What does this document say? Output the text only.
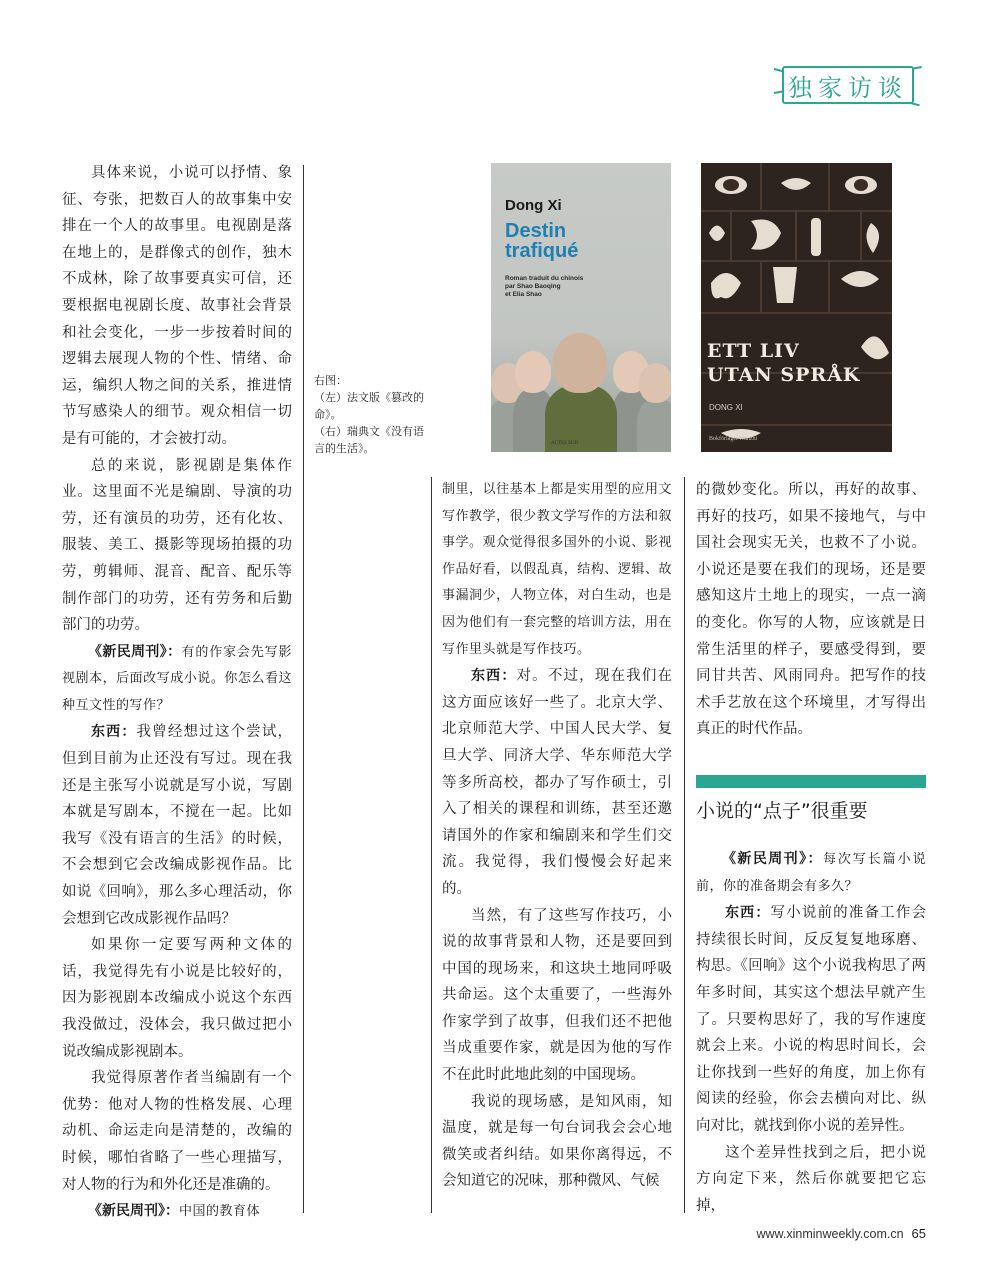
独家访谈

具体来说，小说可以抒情、象征、夸张，把数百人的故事集中安排在一个人的故事里。电视剧是落在地上的，是群像式的创作，独木不成林，除了故事要真实可信，还要根据电视剧长度、故事社会背景和社会变化，一步一步按着时间的逻辑去展现人物的个性、情绪、命运，编织人物之间的关系，推进情节写感染人的细节。观众相信一切是有可能的，才会被打动。

总的来说，影视剧是集体作业。这里面不光是编剧、导演的功劳，还有演员的功劳，还有化妆、服装、美工、摄影等现场拍摄的功劳，剪辑师、混音、配音、配乐等制作部门的功劳，还有劳务和后勤部门的功劳。

《新民周刊》：有的作家会先写影视剧本，后面改写成小说。你怎么看这种互文性的写作？

东西：我曾经想过这个尝试，但到目前为止还没有写过。现在我还是主张写小说就是写小说，写剧本就是写剧本，不搅在一起。比如我写《没有语言的生活》的时候，不会想到它会改编成影视作品。比如说《回响》，那么多心理活动，你会想到它改成影视作品吗？

如果你一定要写两种文体的话，我觉得先有小说是比较好的，因为影视剧本改编成小说这个东西我没做过，没体会，我只做过把小说改编成影视剧本。

我觉得原著作者当编剧有一个优势：他对人物的性格发展、心理动机、命运走向是清楚的，改编的时候，哪怕省略了一些心理描写，对人物的行为和外化还是准确的。

《新民周刊》：中国的教育体

右图：
（左）法文版《篡改的命》。
（右）瑞典文《没有语言的生活》。
Dong Xi
Destin
trafiqué
Roman traduit du chinois
par Shao Baoqing
et Elia Shao
ACTES SUD
ETT LIV
UTAN SPRÅK
DONG XI
Bokförlaget Wanzhi

制里，以往基本上都是实用型的应用文写作教学，很少教文学写作的方法和叙事学。观众觉得很多国外的小说、影视作品好看，以假乱真，结构、逻辑、故事漏洞少，人物立体，对白生动，也是因为他们有一套完整的培训方法，用在写作里头就是写作技巧。

东西：对。不过，现在我们在这方面应该好一些了。北京大学、北京师范大学、中国人民大学、复旦大学、同济大学、华东师范大学等多所高校，都办了写作硕士，引入了相关的课程和训练，甚至还邀请国外的作家和编剧来和学生们交流。我觉得，我们慢慢会好起来的。

当然，有了这些写作技巧，小说的故事背景和人物，还是要回到中国的现场来，和这块土地同呼吸共命运。这个太重要了，一些海外作家学到了故事，但我们还不把他当成重要作家，就是因为他的写作不在此时此地此刻的中国现场。

我说的现场感，是知风雨，知温度，就是每一句台词我会会心地微笑或者纠结。如果你离得远，不会知道它的况味，那种微风、气候

的微妙变化。所以，再好的故事、再好的技巧，如果不接地气，与中国社会现实无关，也救不了小说。小说还是要在我们的现场，还是要感知这片土地上的现实，一点一滴的变化。你写的人物，应该就是日常生活里的样子，要感受得到，要同甘共苦、风雨同舟。把写作的技术手艺放在这个环境里，才写得出真正的时代作品。

小说的“点子”很重要

《新民周刊》：每次写长篇小说前，你的准备期会有多久？

东西：写小说前的准备工作会持续很长时间，反反复复地琢磨、构思。《回响》这个小说我构思了两年多时间，其实这个想法早就产生了。只要构思好了，我的写作速度就会上来。小说的构思时间长，会让你找到一些好的角度，加上你有阅读的经验，你会去横向对比、纵向对比，就找到你小说的差异性。

这个差异性找到之后，把小说方向定下来，然后你就要把它忘掉，

www.xinminweekly.com.cn 65
